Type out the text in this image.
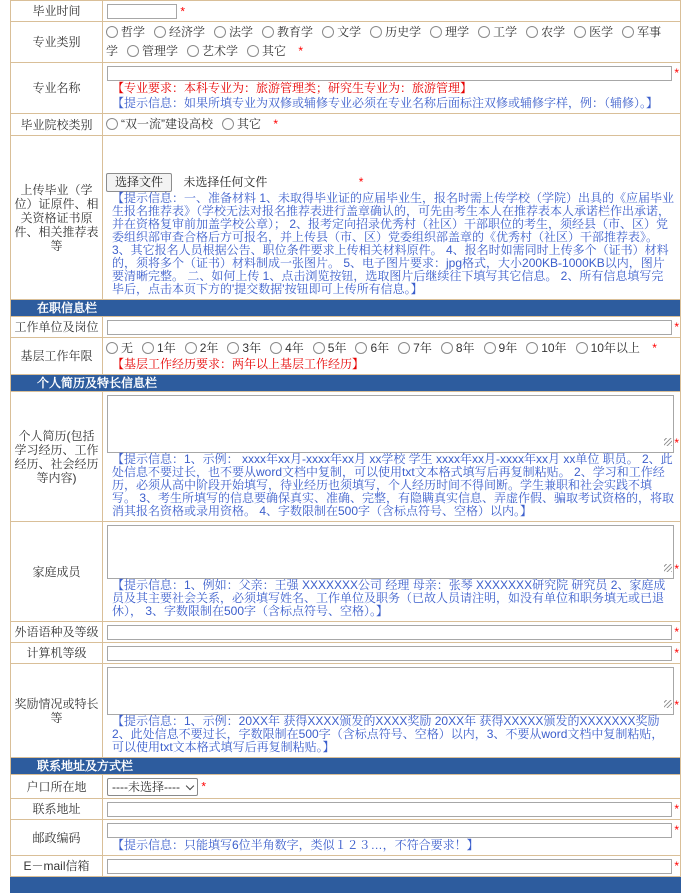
毕业时间	*
专业类别
哲学 经济学 法学 教育学 文学 历史学 理学 工学 农学 医学 军事学 管理学 艺术学 其它 *
专业名称
*
【专业要求：本科专业为：旅游管理类；研究生专业为：旅游管理】
【提示信息：如果所填专业为双修或辅修专业必须在专业名称后面标注双修或辅修字样，例：（辅修）。】
毕业院校类别	“双一流”建设高校 其它 *
上传毕业（学位）证原件、相关资格证书原件、相关推荐表等
选择文件 未选择任何文件	*
【提示信息：一、准备材料 1、未取得毕业证的应届毕业生，报名时需上传学校（学院）出具的《应届毕业生报名推荐表》（学校无法对报名推荐表进行盖章确认的，可先由考生本人在推荐表本人承诺栏作出承诺，并在资格复审前加盖学校公章）； 2、报考定向招录优秀村（社区）干部职位的考生，须经县（市、区）党委组织部审查合格后方可报名，并上传县（市、区）党委组织部盖章的《优秀村（社区）干部推荐表》。 3、其它报名人员根据公告、职位条件要求上传相关材料原件。 4、报名时如需同时上传多个（证书）材料的，须将多个（证书）材料制成一张图片。 5、电子图片要求：jpg格式，大小200KB-1000KB以内，图片要清晰完整。 二、如何上传 1、点击浏览按钮，选取图片后继续往下填写其它信息。 2、所有信息填写完毕后，点击本页下方的'提交数据'按钮即可上传所有信息。】
在职信息栏
工作单位及岗位	*
基层工作年限
无 1年 2年 3年 4年 5年 6年 7年 8年 9年 10年 10年以上 *
【基层工作经历要求：两年以上基层工作经历】
个人简历及特长信息栏
个人简历(包括学习经历、工作经历、社会经历等内容)
*
【提示信息：1、示例： xxxx年xx月-xxxx年xx月 xx学校 学生 xxxx年xx月-xxxx年xx月 xx单位 职员。 2、此处信息不要过长，也不要从word文档中复制，可以使用txt文本格式填写后再复制粘贴。 2、学习和工作经历，必须从高中阶段开始填写，待业经历也须填写，个人经历时间不得间断。学生兼职和社会实践不填写。 3、考生所填写的信息要确保真实、准确、完整，有隐瞒真实信息、弄虚作假、骗取考试资格的，将取消其报名资格或录用资格。 4、字数限制在500字（含标点符号、空格）以内。】
家庭成员	*
【提示信息：1、例如：父亲：王强 XXXXXXX公司 经理 母亲：张琴 XXXXXXX研究院 研究员 2、家庭成员及其主要社会关系，必须填写姓名、工作单位及职务（已故人员请注明，如没有单位和职务填无或已退休）， 3、字数限制在500字（含标点符号、空格）。】
外语语种及等级	*
计算机等级	*
奖励情况或特长等
*
【提示信息：1、示例：20XX年 获得XXXX颁发的XXXX奖励 20XX年 获得XXXXX颁发的XXXXXXX奖励 2、此处信息不要过长，字数限制在500字（含标点符号、空格）以内，3、不要从word文档中复制粘贴，可以使用txt文本格式填写后再复制粘贴。】
联系地址及方式栏
户口所在地	----未选择---- *
联系地址	*
邮政编码
*
【提示信息：只能填写6位半角数字，类似１２３…，不符合要求！】
E－mail信箱	*
